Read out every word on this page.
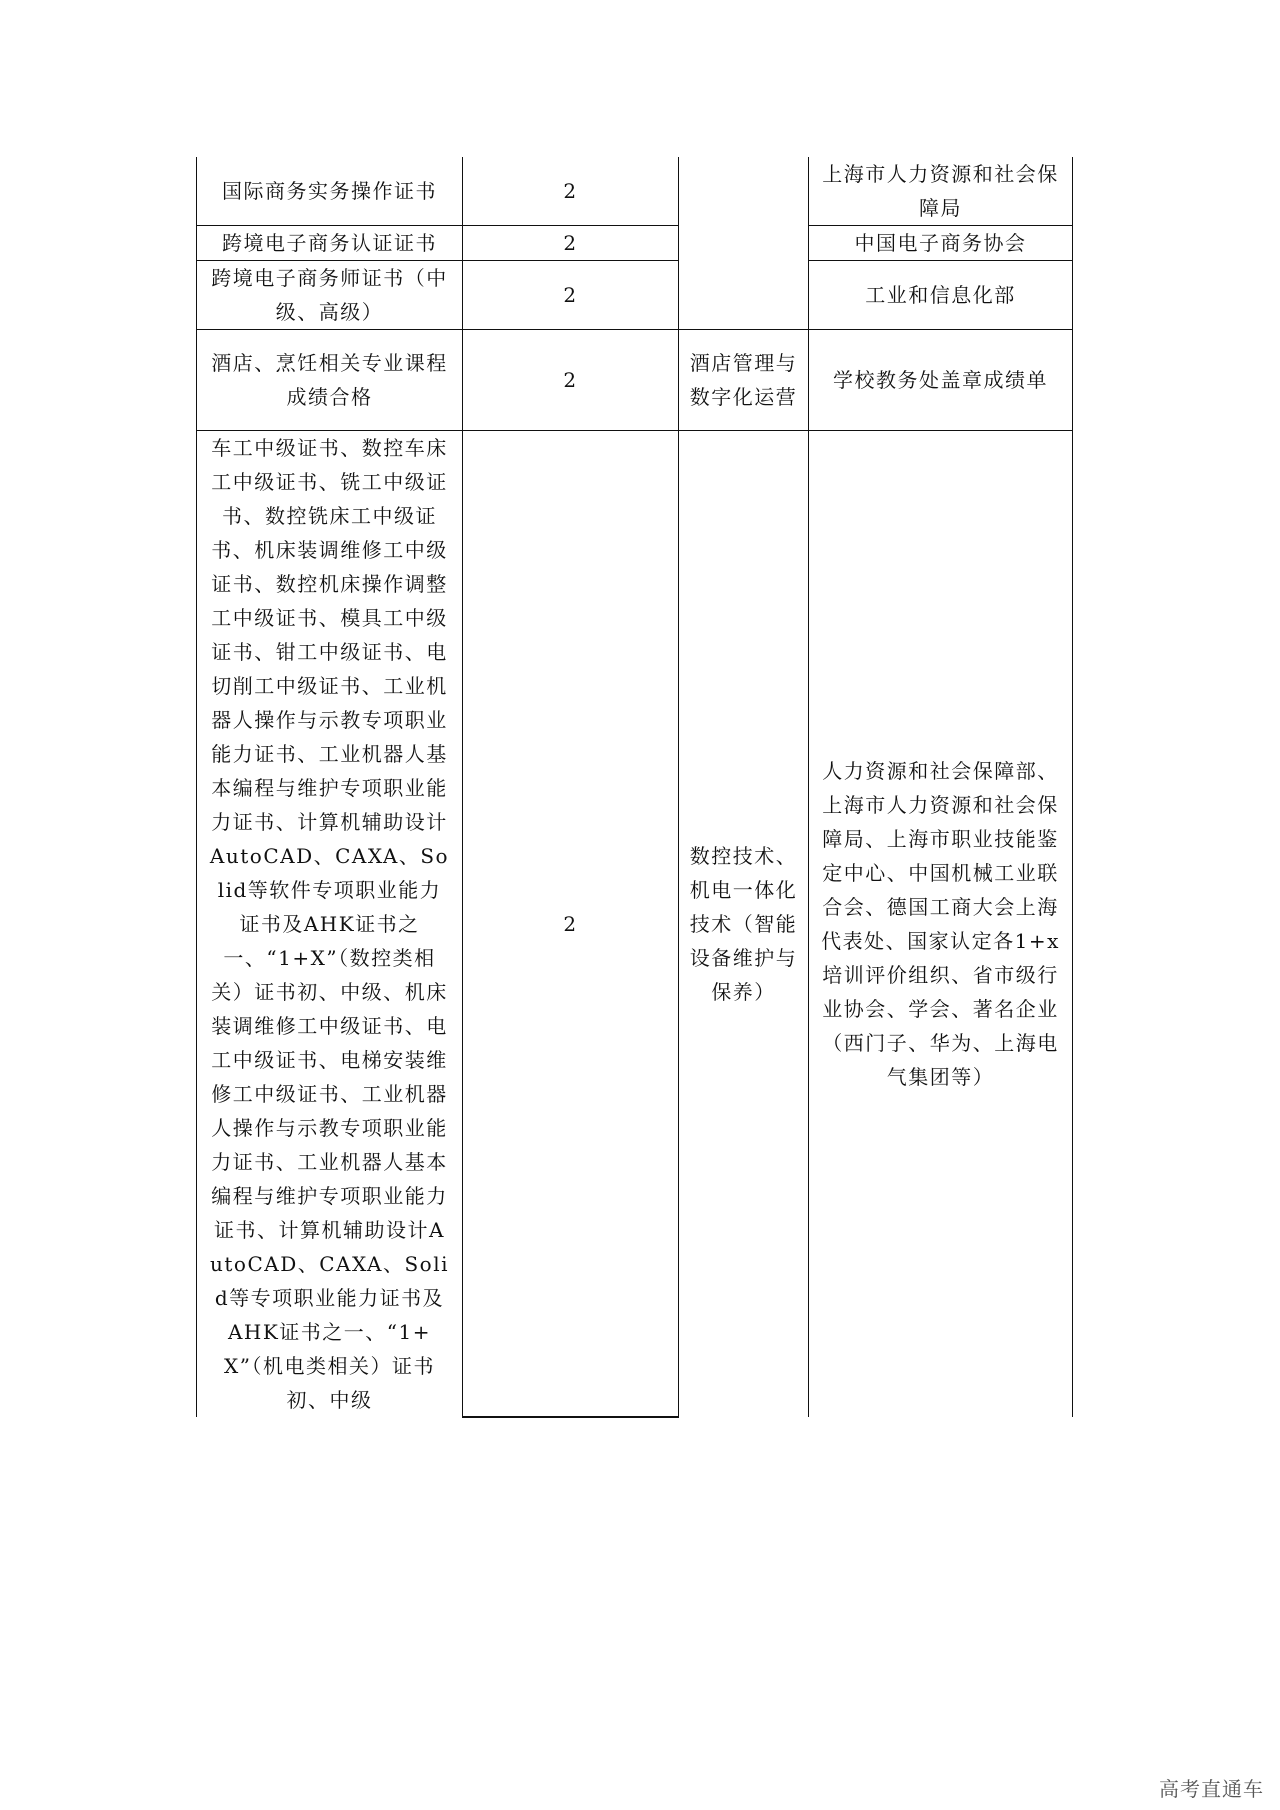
国际商务实务操作证书	2		上海市人力资源和社会保障局
跨境电子商务认证证书	2		中国电子商务协会
跨境电子商务师证书（中级、高级）	2		工业和信息化部
酒店、烹饪相关专业课程成绩合格	2	酒店管理与数字化运营	学校教务处盖章成绩单
车工中级证书、数控车床工中级证书、铣工中级证书、数控铣床工中级证书、机床装调维修工中级证书、数控机床操作调整工中级证书、模具工中级证书、钳工中级证书、电切削工中级证书、工业机器人操作与示教专项职业能力证书、工业机器人基本编程与维护专项职业能力证书、计算机辅助设计AutoCAD、CAXA、Solid等软件专项职业能力证书及AHK证书之一、“1+X”（数控类相关）证书初、中级、机床装调维修工中级证书、电工中级证书、电梯安装维修工中级证书、工业机器人操作与示教专项职业能力证书、工业机器人基本编程与维护专项职业能力证书、计算机辅助设计AutoCAD、CAXA、Solid等专项职业能力证书及AHK证书之一、“1+X”（机电类相关）证书初、中级	2	数控技术、机电一体化技术（智能设备维护与保养）	人力资源和社会保障部、上海市人力资源和社会保障局、上海市职业技能鉴定中心、中国机械工业联合会、德国工商大会上海代表处、国家认定各1+x培训评价组织、省市级行业协会、学会、著名企业（西门子、华为、上海电气集团等）
高考直通车
